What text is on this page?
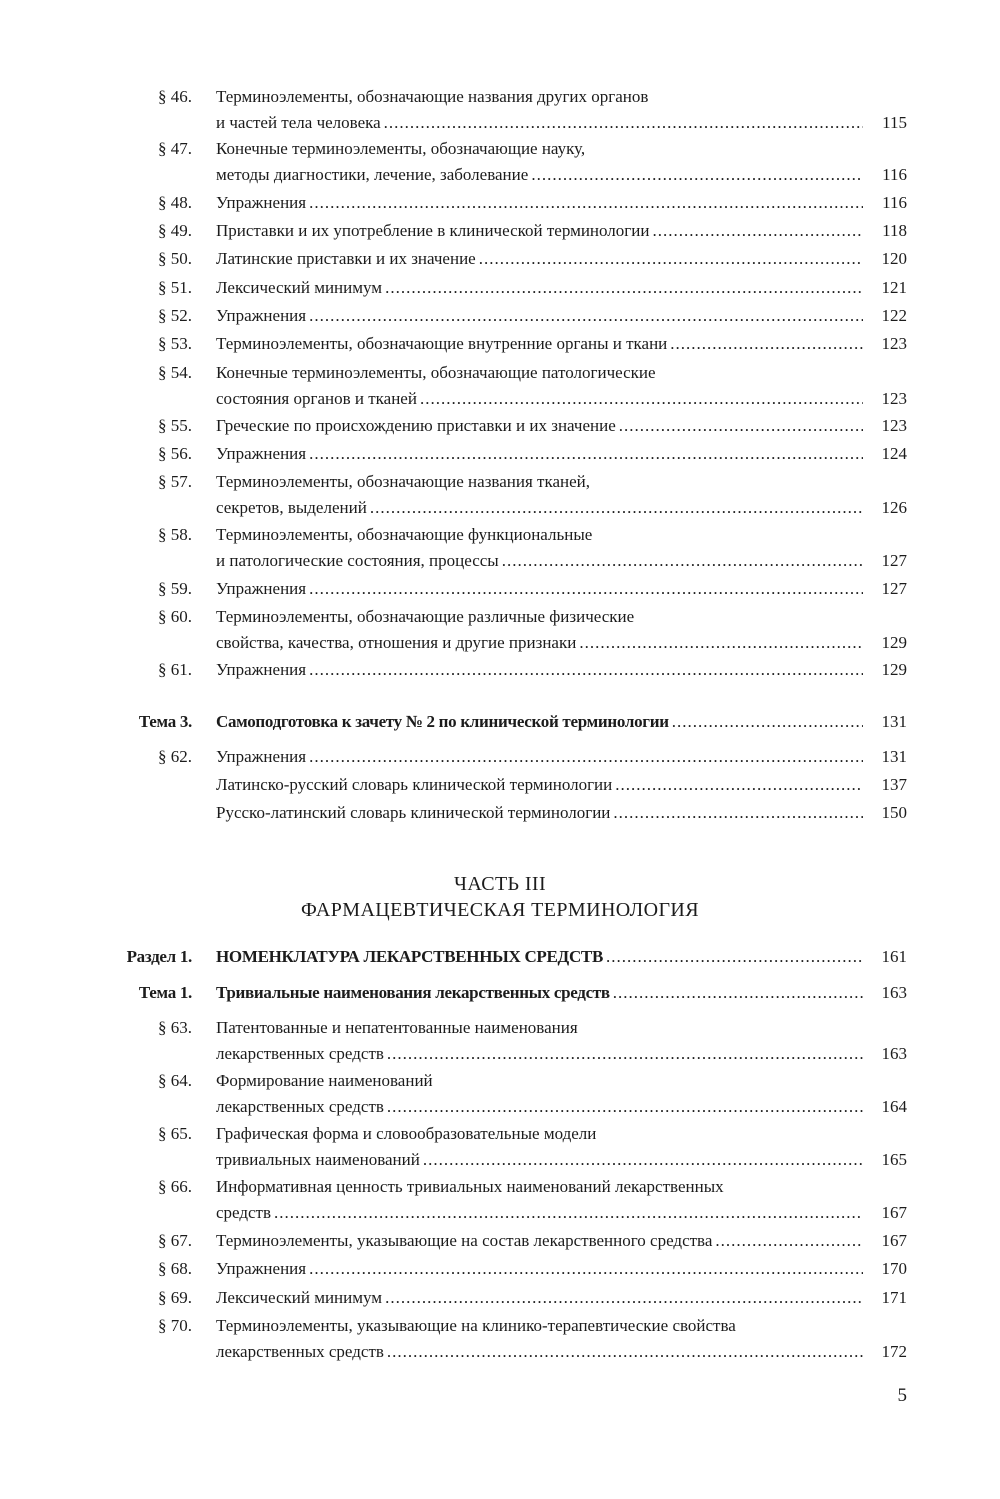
§ 46. Терминоэлементы, обозначающие названия других органов
и частей тела человека .....	115
§ 47. Конечные терминоэлементы, обозначающие науку,
методы диагностики, лечение, заболевание .....	116
§ 48. Упражнения .....	116
§ 49. Приставки и их употребление в клинической терминологии .....	118
§ 50. Латинские приставки и их значение .....	120
§ 51. Лексический минимум .....	121
§ 52. Упражнения .....	122
§ 53. Терминоэлементы, обозначающие внутренние органы и ткани .....	123
§ 54. Конечные терминоэлементы, обозначающие патологические
состояния органов и тканей .....	123
§ 55. Греческие по происхождению приставки и их значение .....	123
§ 56. Упражнения .....	124
§ 57. Терминоэлементы, обозначающие названия тканей,
секретов, выделений .....	126
§ 58. Терминоэлементы, обозначающие функциональные
и патологические состояния, процессы .....	127
§ 59. Упражнения .....	127
§ 60. Терминоэлементы, обозначающие различные физические
свойства, качества, отношения и другие признаки .....	129
§ 61. Упражнения .....	129
Тема 3. Самоподготовка к зачету № 2 по клинической терминологии .....	131
§ 62. Упражнения .....	131
Латинско-русский словарь клинической терминологии .....	137
Русско-латинский словарь клинической терминологии .....	150
Раздел 1. НОМЕНКЛАТУРА ЛЕКАРСТВЕННЫХ СРЕДСТВ .....	161
Тема 1. Тривиальные наименования лекарственных средств .....	163
§ 63. Патентованные и непатентованные наименования
лекарственных средств .....	163
§ 64. Формирование наименований
лекарственных средств .....	164
§ 65. Графическая форма и словообразовательные модели
тривиальных наименований .....	165
§ 66. Информативная ценность тривиальных наименований лекарственных
средств .....	167
§ 67. Терминоэлементы, указывающие на состав лекарственного средства .....	167
§ 68. Упражнения .....	170
§ 69. Лексический минимум .....	171
§ 70. Терминоэлементы, указывающие на клинико-терапевтические свойства
лекарственных средств .....	172
ЧАСТЬ III
ФАРМАЦЕВТИЧЕСКАЯ ТЕРМИНОЛОГИЯ
5
